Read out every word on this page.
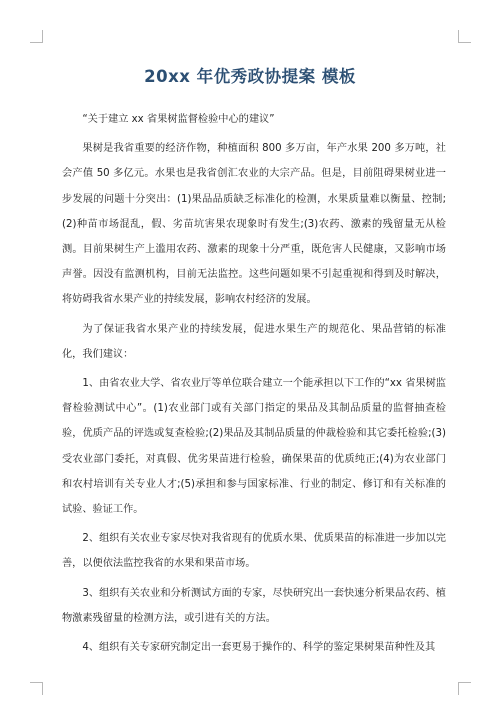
20xx 年优秀政协提案 模板

“关于建立 xx 省果树监督检验中心的建议”

果树是我省重要的经济作物，种植面积 800 多万亩，年产水果 200 多万吨，社会产值 50 多亿元。水果也是我省创汇农业的大宗产品。但是，目前阻碍果树业进一步发展的问题十分突出：(1)果品品质缺乏标准化的检测，水果质量难以衡量、控制;(2)种苗市场混乱，假、劣苗坑害果农现象时有发生;(3)农药、激素的残留量无从检测。目前果树生产上滥用农药、激素的现象十分严重，既危害人民健康，又影响市场声誉。因没有监测机构，目前无法监控。这些问题如果不引起重视和得到及时解决，将妨碍我省水果产业的持续发展，影响农村经济的发展。

为了保证我省水果产业的持续发展，促进水果生产的规范化、果品营销的标准化，我们建议：

1、由省农业大学、省农业厅等单位联合建立一个能承担以下工作的“xx 省果树监督检验测试中心”。(1)农业部门或有关部门指定的果品及其制品质量的监督抽查检验，优质产品的评选或复查检验;(2)果品及其制品质量的仲裁检验和其它委托检验;(3)受农业部门委托，对真假、优劣果苗进行检验，确保果苗的优质纯正;(4)为农业部门和农村培训有关专业人才;(5)承担和参与国家标准、行业的制定、修订和有关标准的试验、验证工作。

2、组织有关农业专家尽快对我省现有的优质水果、优质果苗的标准进一步加以完善，以便依法监控我省的水果和果苗市场。

3、组织有关农业和分析测试方面的专家，尽快研究出一套快速分析果品农药、植物激素残留量的检测方法，或引进有关的方法。

4、组织有关专家研究制定出一套更易于操作的、科学的鉴定果树果苗种性及其
